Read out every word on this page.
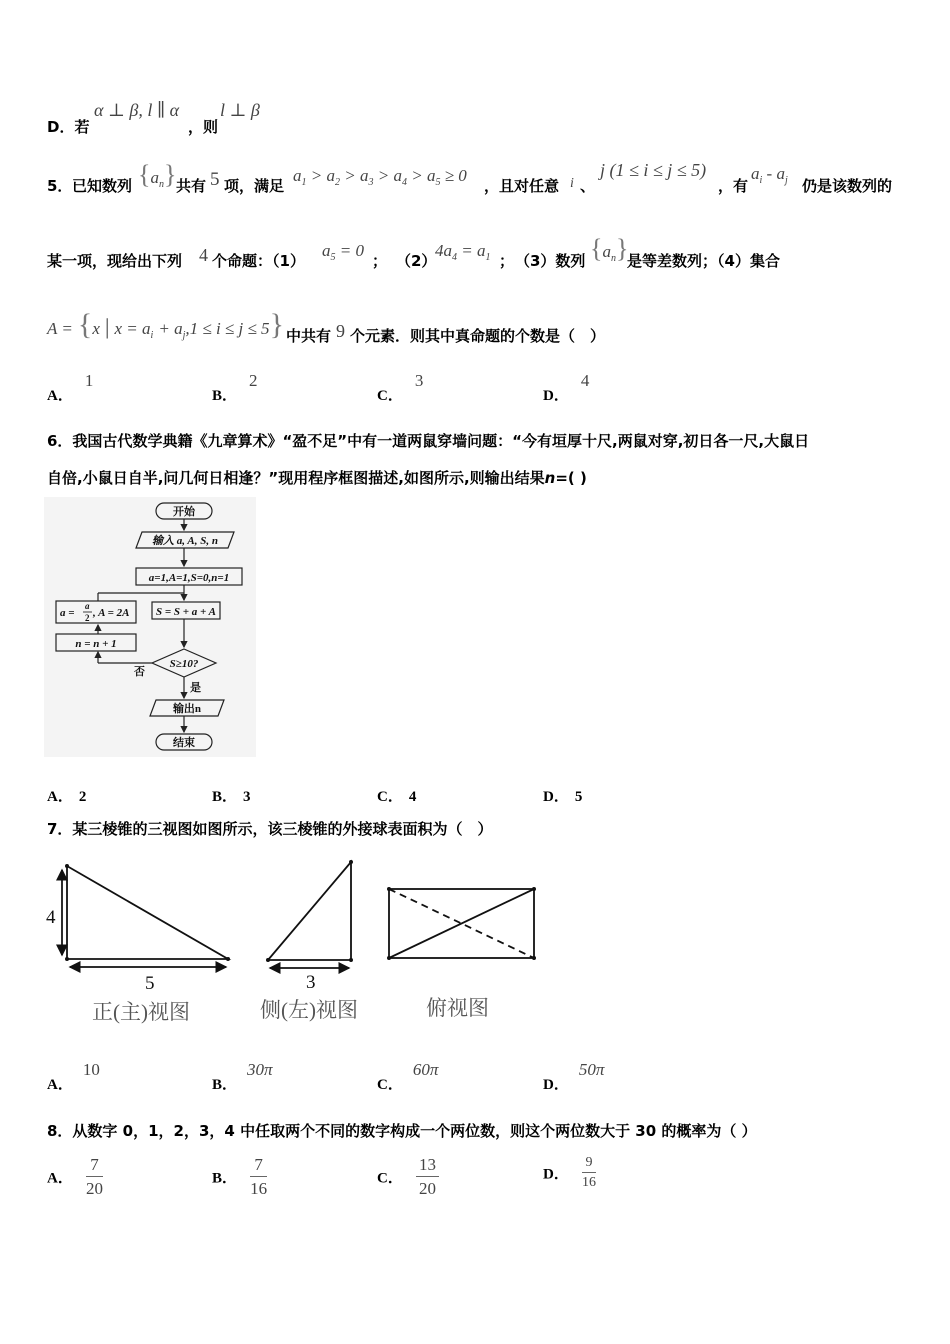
D．若
α ⊥ β, l ∥ α
，则
l ⊥ β
5． 已知数列 $\{a_n\}$ 共有 5 项，满足
$a_1 > a_2 > a_3 > a_4 > a_5 \ge 0$
，且对任意 i 、
j (1 ≤ i ≤ j ≤ 5)
，有
$a_i - a_j$ 仍是该数列的
某一项，现给出下列 4 个命题：（1）
$a_5 = 0$
； （2）
$4a_4 = a_1$ ； （3）数列 $\{a_n\}$
是等差数列；（4）集合
A = {x | $x = a_i + a_j,1 \le i \le j \le 5$} 中共有 9 个元素．则其中真命题的个数是（　）
A．1
B．2
C．3
D．4
6．我国古代数学典籍《九章算术》“盈不足”中有一道两鼠穿墙问题：“今有垣厚十尺,两鼠对穿,初日各一尺,大鼠日
自倍,小鼠日自半,问几何日相逢？”现用程序框图描述,如图所示,则输出结果n=( )
开始
输入 a, A, S, n
a=1,A=1,S=0,n=1
S = S + a + A
S≥10?
n = n + 1
a =
a
2 , A = 2A
否
是
输出n
结束
A． 2	B． 3	C． 4	D． 5
7．某三棱锥的三视图如图所示，该三棱锥的外接球表面积为（　）
4
5	3
正(主)视图	侧(左)视图	俯视图
A．10
B．30π
C．60π
D．50π
8．从数字 0，1，2，3，4 中任取两个不同的数字构成一个两位数，则这个两位数大于 30 的概率为（ ）
A． $\frac{7}{20}$	B． $\frac{7}{16}$	C． $\frac{13}{20}$	D． $\frac{9}{16}$
